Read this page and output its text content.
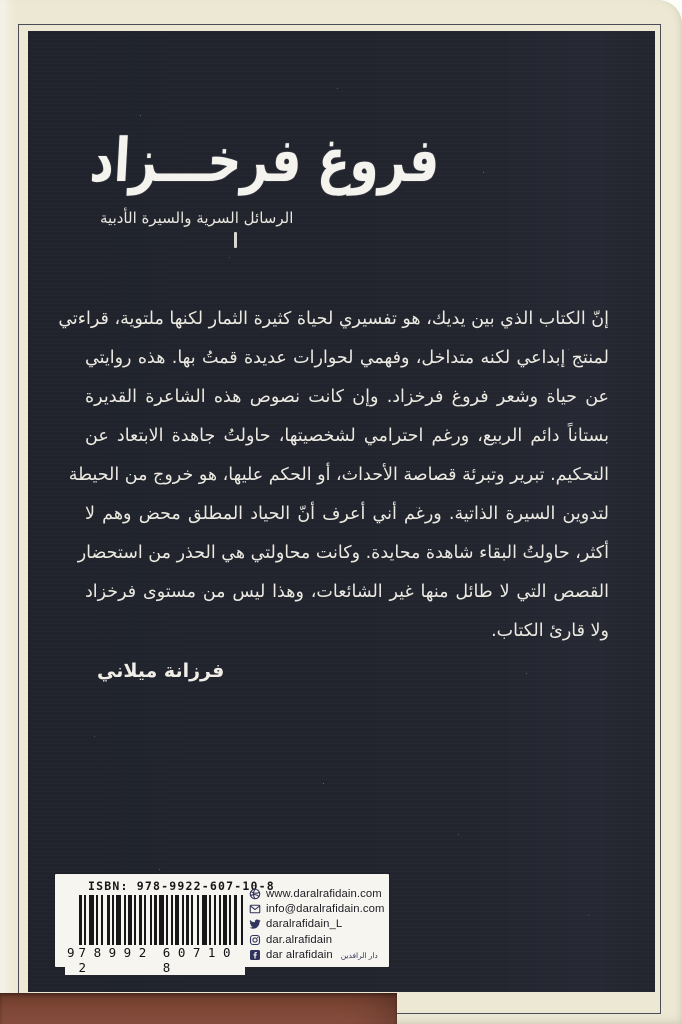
فروغ فرخـــزاد
الرسائل السرية والسيرة الأدبية
إنّ الكتاب الذي بين يديك، هو تفسيري لحياة كثيرة الثمار لكنها ملتوية، قراءتي
لمنتج إبداعي لكنه متداخل، وفهمي لحوارات عديدة قمتُ بها. هذه روايتي
عن حياة وشعر فروغ فرخزاد. وإن كانت نصوص هذه الشاعرة القديرة
بستاناً دائم الربيع، ورغم احترامي لشخصيتها، حاولتُ جاهدة الابتعاد عن
التحكيم. تبرير وتبرئة قصاصة الأحداث، أو الحكم عليها، هو خروج من الحيطة
لتدوين السيرة الذاتية. ورغم أني أعرف أنّ الحياد المطلق محض وهم لا
أكثر، حاولتُ البقاء شاهدة محايدة. وكانت محاولتي هي الحذر من استحضار
القصص التي لا طائل منها غير الشائعات، وهذا ليس من مستوى فرخزاد
ولا قارئ الكتاب.
فرزانة ميلاني
ISBN: 978-9922-607-10-8
9 7 8 9 9 2 2
6 0 7 1 0 8
www.daralrafidain.com
info@daralrafidain.com
daralrafidain_L
dar.alrafidain
dar alrafidain دار الرافدين
